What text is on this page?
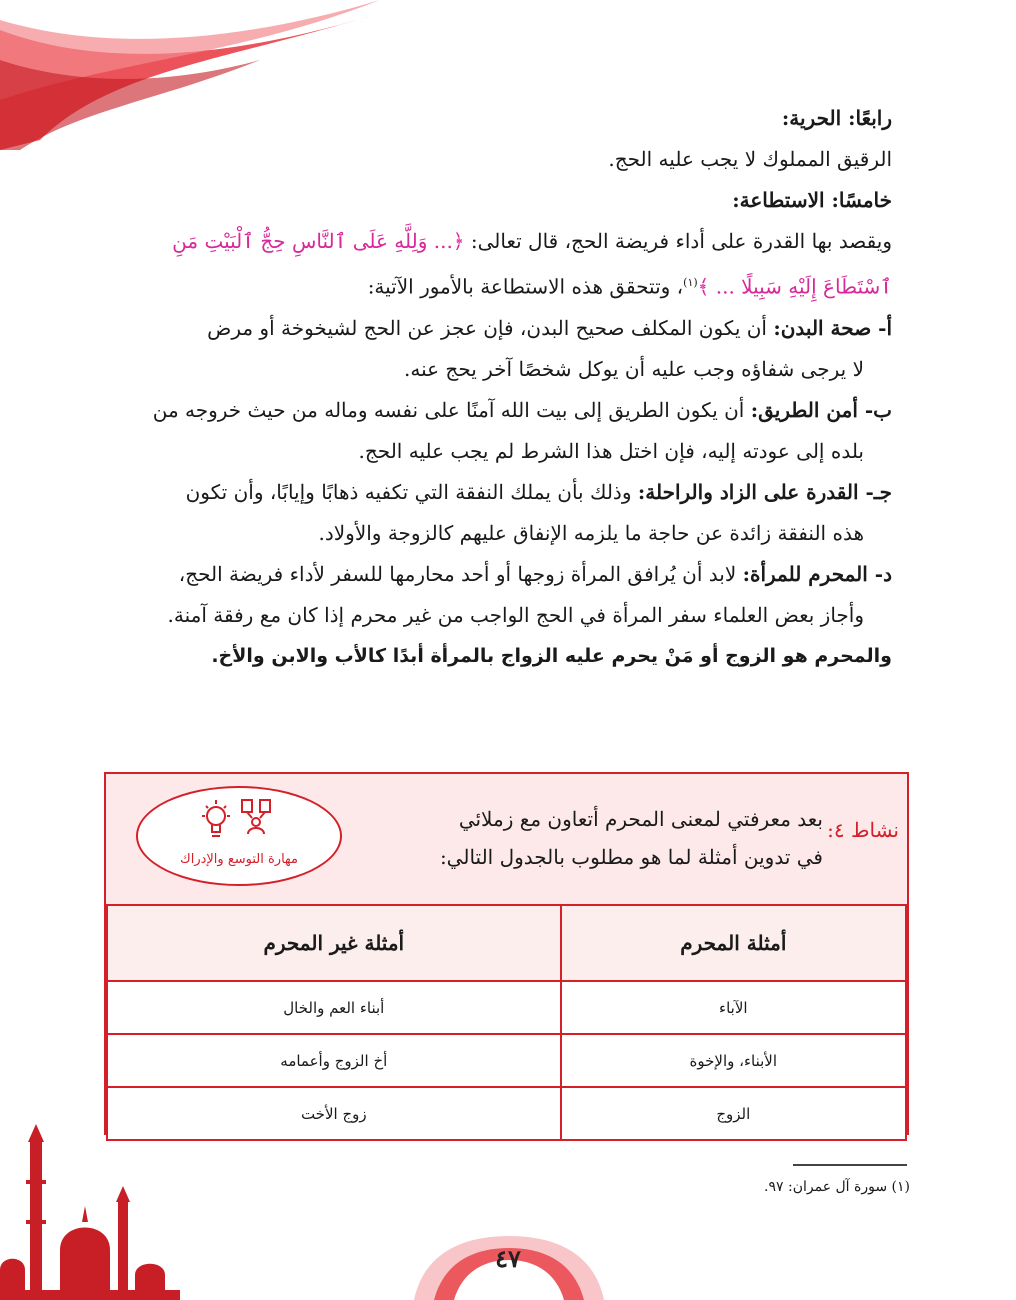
رابعًا: الحرية:

الرقيق المملوك لا يجب عليه الحج.

خامسًا: الاستطاعة:

ويقصد بها القدرة على أداء فريضة الحج، قال تعالى: ﴿... وَلِلَّهِ عَلَى ٱلنَّاسِ حِجُّ ٱلْبَيْتِ مَنِ

ٱسْتَطَاعَ إِلَيْهِ سَبِيلًا ... ﴾$^{(١)}$، وتتحقق هذه الاستطاعة بالأمور الآتية:

أ- صحة البدن: أن يكون المكلف صحيح البدن، فإن عجز عن الحج لشيخوخة أو مرض

لا يرجى شفاؤه وجب عليه أن يوكل شخصًا آخر يحج عنه.

ب- أمن الطريق: أن يكون الطريق إلى بيت الله آمنًا على نفسه وماله من حيث خروجه من

بلده إلى عودته إليه، فإن اختل هذا الشرط لم يجب عليه الحج.

جـ- القدرة على الزاد والراحلة: وذلك بأن يملك النفقة التي تكفيه ذهابًا وإيابًا، وأن تكون

هذه النفقة زائدة عن حاجة ما يلزمه الإنفاق عليهم كالزوجة والأولاد.

د- المحرم للمرأة: لابد أن يُرافق المرأة زوجها أو أحد محارمها للسفر لأداء فريضة الحج،

وأجاز بعض العلماء سفر المرأة في الحج الواجب من غير محرم إذا كان مع رفقة آمنة.

والمحرم هو الزوج أو مَنْ يحرم عليه الزواج بالمرأة أبدًا كالأب والابن والأخ.

نشاط ٤:
بعد معرفتي لمعنى المحرم أتعاون مع زملائي
في تدوين أمثلة لما هو مطلوب بالجدول التالي:
مهارة التوسع والإدراك
أمثلة المحرم	أمثلة غير المحرم
الآباء	أبناء العم والخال
الأبناء، والإخوة	أخ الزوج وأعمامه
الزوج	زوج الأخت
(١) سورة آل عمران: ٩٧.
٤٧
